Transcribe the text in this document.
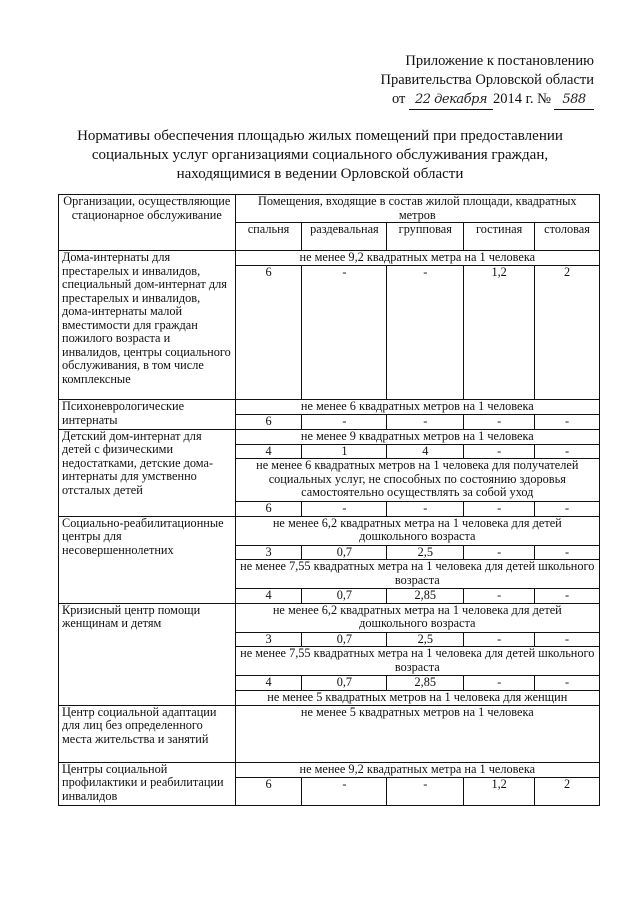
Приложение к постановлению
Правительства Орловской области
от 22 декабря 2014 г. № 588
Нормативы обеспечения площадью жилых помещений при предоставлении социальных услуг организациями социального обслуживания граждан, находящимися в ведении Орловской области
Организации, осуществляющие стационарное обслуживание	Помещения, входящие в состав жилой площади, квадратных метров				
	спальня	раздевальная	групповая	гостиная	столовая
Дома-интернаты для престарелых и инвалидов, специальный дом-интернат для престарелых и инвалидов, дома-интернаты малой вместимости для граждан пожилого возраста и инвалидов, центры социального обслуживания, в том числе комплексные	не менее 9,2 квадратных метра на 1 человека				
	6	-	-	1,2	2
Психоневрологические интернаты	не менее 6 квадратных метров на 1 человека				
	6	-	-	-	-
Детский дом-интернат для детей с физическими недостатками, детские дома-интернаты для умственно отсталых детей	не менее 9 квадратных метров на 1 человека				
	4	1	4	-	-
	не менее 6 квадратных метров на 1 человека для получателей социальных услуг, не способных по состоянию здоровья самостоятельно осуществлять за собой уход				
	6	-	-	-	-
Социально-реабилитационные центры для несовершеннолетних	не менее 6,2 квадратных метра на 1 человека для детей дошкольного возраста				
	3	0,7	2,5	-	-
	не менее 7,55 квадратных метра на 1 человека для детей школьного возраста				
	4	0,7	2,85	-	-
Кризисный центр помощи женщинам и детям	не менее 6,2 квадратных метра на 1 человека для детей дошкольного возраста				
	3	0,7	2,5	-	-
	не менее 7,55 квадратных метра на 1 человека для детей школьного возраста				
	4	0,7	2,85	-	-
	не менее 5 квадратных метров на 1 человека для женщин				
Центр социальной адаптации для лиц без определенного места жительства и занятий	не менее 5 квадратных метров на 1 человека				
Центры социальной профилактики и реабилитации инвалидов	не менее 9,2 квадратных метра на 1 человека				
	6	-	-	1,2	2
